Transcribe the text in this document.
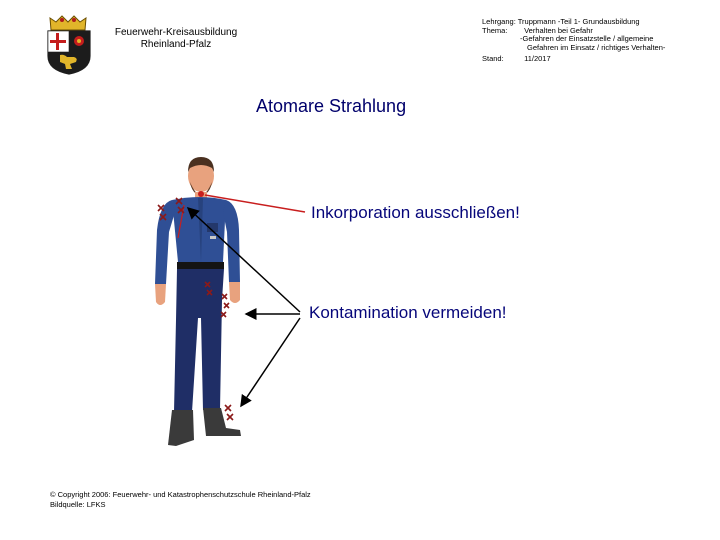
Feuerwehr-Kreisausbildung
Rheinland-Pfalz
Lehrgang: Truppmann -Teil 1- Grundausbildung
Thema: Verhalten bei Gefahr
-Gefahren der Einsatzstelle / allgemeine
Gefahren im Einsatz / richtiges Verhalten-
Stand:	11/2017
Atomare Strahlung
Inkorporation ausschließen!
Kontamination vermeiden!
© Copyright 2006: Feuerwehr- und Katastrophenschutzschule Rheinland-Pfalz
Bildquelle: LFKS
